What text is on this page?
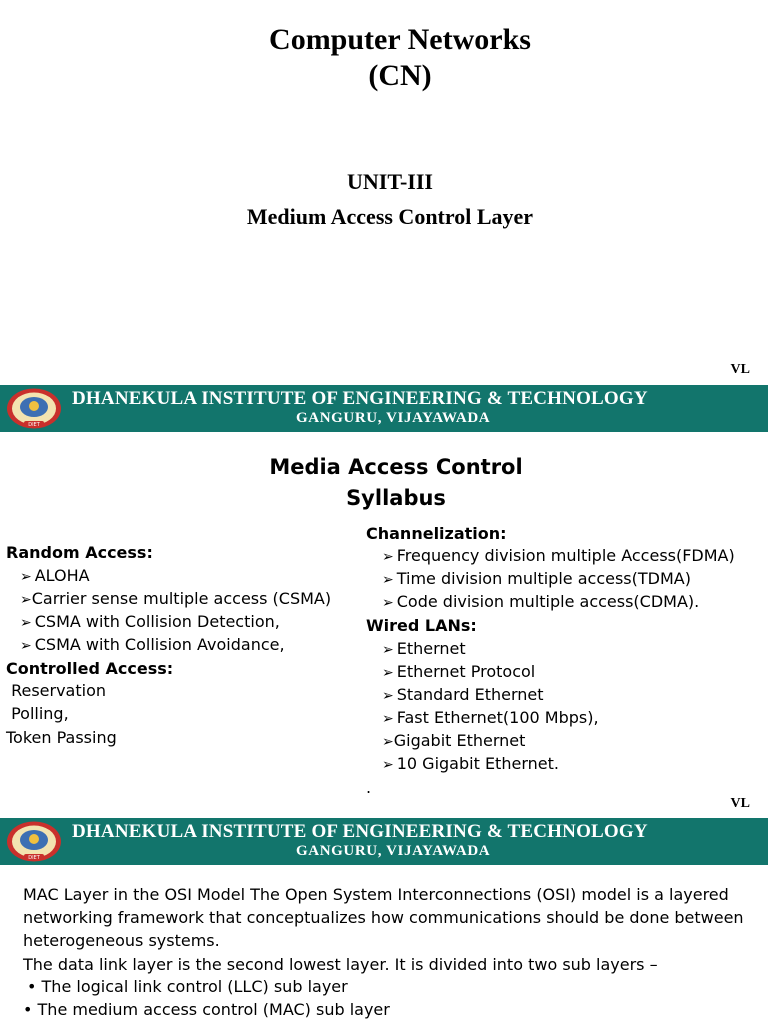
Computer Networks
(CN)
UNIT-III
Medium Access Control Layer
VL
DIET
DHANEKULA INSTITUTE OF ENGINEERING & TECHNOLOGY
GANGURU, VIJAYAWADA
Media Access Control
Syllabus
Random Access:
➢ ALOHA
➢Carrier sense multiple access (CSMA)
➢ CSMA with Collision Detection,
➢ CSMA with Collision Avoidance,
Controlled Access:
Reservation
Polling,
Token Passing
Channelization:
➢ Frequency division multiple Access(FDMA)
➢ Time division multiple access(TDMA)
➢ Code division multiple access(CDMA).
Wired LANs:
➢ Ethernet
➢ Ethernet Protocol
➢ Standard Ethernet
➢ Fast Ethernet(100 Mbps),
➢Gigabit Ethernet
➢ 10 Gigabit Ethernet.
.
VL
DIET
DHANEKULA INSTITUTE OF ENGINEERING & TECHNOLOGY
GANGURU, VIJAYAWADA
MAC Layer in the OSI Model The Open System Interconnections (OSI) model is a layered
networking framework that conceptualizes how communications should be done between
heterogeneous systems.
The data link layer is the second lowest layer. It is divided into two sub layers –
• The logical link control (LLC) sub layer
• The medium access control (MAC) sub layer
